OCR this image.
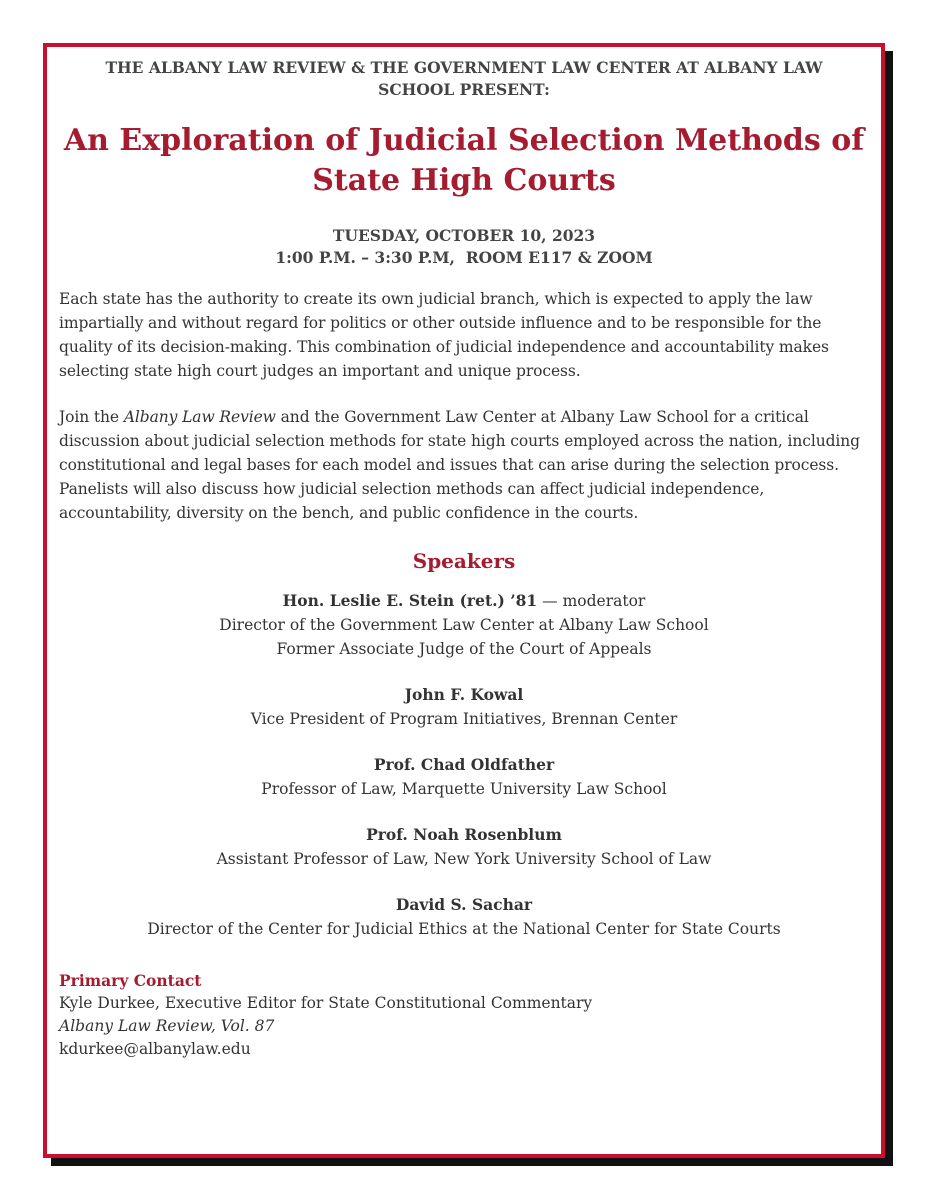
THE ALBANY LAW REVIEW & THE GOVERNMENT LAW CENTER AT ALBANY LAW SCHOOL PRESENT:
An Exploration of Judicial Selection Methods of State High Courts
TUESDAY, OCTOBER 10, 2023
1:00 P.M. – 3:30 P.M,  ROOM E117 & ZOOM
Each state has the authority to create its own judicial branch, which is expected to apply the law impartially and without regard for politics or other outside influence and to be responsible for the quality of its decision-making. This combination of judicial independence and accountability makes selecting state high court judges an important and unique process.
Join the Albany Law Review and the Government Law Center at Albany Law School for a critical discussion about judicial selection methods for state high courts employed across the nation, including constitutional and legal bases for each model and issues that can arise during the selection process. Panelists will also discuss how judicial selection methods can affect judicial independence, accountability, diversity on the bench, and public confidence in the courts.
Speakers
Hon. Leslie E. Stein (ret.) ’81 — moderator
Director of the Government Law Center at Albany Law School
Former Associate Judge of the Court of Appeals
John F. Kowal
Vice President of Program Initiatives, Brennan Center
Prof. Chad Oldfather
Professor of Law, Marquette University Law School
Prof. Noah Rosenblum
Assistant Professor of Law, New York University School of Law
David S. Sachar
Director of the Center for Judicial Ethics at the National Center for State Courts
Primary Contact
Kyle Durkee, Executive Editor for State Constitutional Commentary
Albany Law Review, Vol. 87
kdurkee@albanylaw.edu
